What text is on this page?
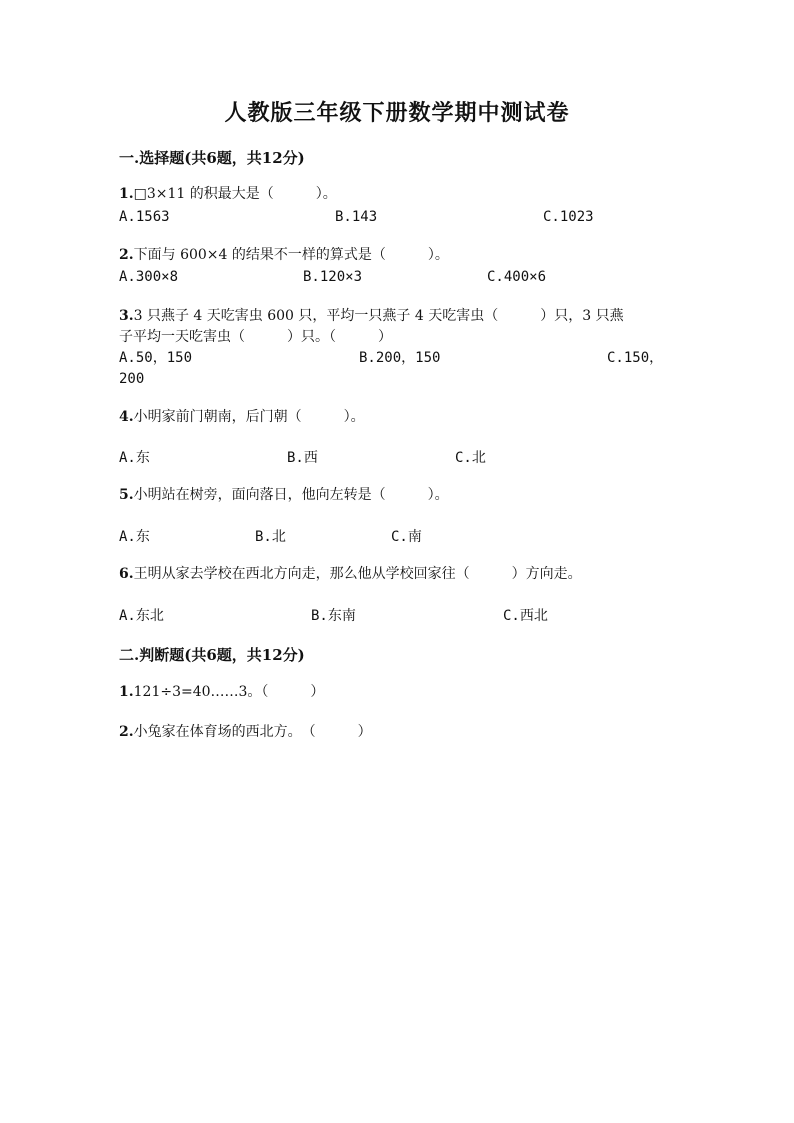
人教版三年级下册数学期中测试卷
一.选择题(共6题，共12分)
1.□3×11 的积最大是（　　　）。
A.1563	B.143	C.1023
2.下面与 600×4 的结果不一样的算式是（　　　）。
A.300×8	B.120×3	C.400×6
3.3 只燕子 4 天吃害虫 600 只，平均一只燕子 4 天吃害虫（　　　）只，3 只燕
子平均一天吃害虫（　　　）只。（　　　）
A.50，150	B.200，150	C.150，
200
4.小明家前门朝南，后门朝（　　　）。
A.东	B.西	C.北
5.小明站在树旁，面向落日，他向左转是（　　　）。
A.东	B.北	C.南
6.王明从家去学校在西北方向走，那么他从学校回家往（　　　）方向走。
A.东北	B.东南	C.西北
二.判断题(共6题，共12分)
1.121÷3=40……3。（　　　）
2.小兔家在体育场的西北方。　（　　　）
